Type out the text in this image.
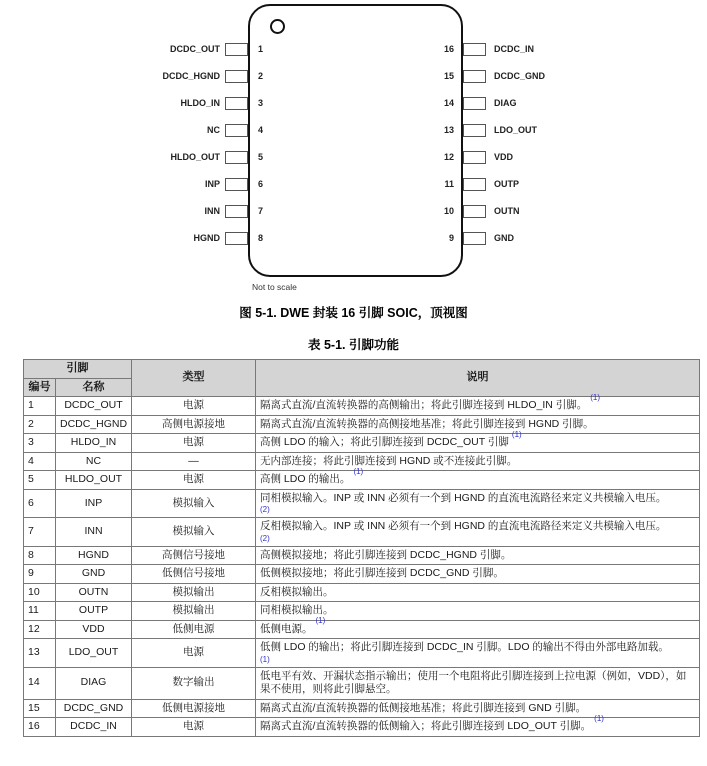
Not to scale
DCDC_OUT	1
DCDC_HGND	2
HLDO_IN	3
NC	4
HLDO_OUT	5
INP	6
INN	7
HGND	8
16	DCDC_IN
15	DCDC_GND
14	DIAG
13	LDO_OUT
12	VDD
11	OUTP
10	OUTN
9	GND
图 5-1. DWE 封装 16 引脚 SOIC，顶视图
表 5-1. 引脚功能
引脚		类型	说明
编号	名称		
1	DCDC_OUT	电源	隔离式直流/直流转换器的高侧输出；将此引脚连接到 HLDO_IN 引脚。$^{(1)}$
2	DCDC_HGND	高侧电源接地	隔离式直流/直流转换器的高侧接地基准；将此引脚连接到 HGND 引脚。
3	HLDO_IN	电源	高侧 LDO 的输入；将此引脚连接到 DCDC_OUT 引脚$^{(1)}$
4	NC	—	无内部连接；将此引脚连接到 HGND 或不连接此引脚。
5	HLDO_OUT	电源	高侧 LDO 的输出。$^{(1)}$
6	INP	模拟输入	同相模拟输入。INP 或 INN 必须有一个到 HGND 的直流电流路径来定义共模输入电压。
(2)

7	INN	模拟输入	反相模拟输入。INP 或 INN 必须有一个到 HGND 的直流电流路径来定义共模输入电压。
(2)

8	HGND	高侧信号接地	高侧模拟接地；将此引脚连接到 DCDC_HGND 引脚。
9	GND	低侧信号接地	低侧模拟接地；将此引脚连接到 DCDC_GND 引脚。
10	OUTN	模拟输出	反相模拟输出。
11	OUTP	模拟输出	同相模拟输出。
12	VDD	低侧电源	低侧电源。$^{(1)}$
13	LDO_OUT	电源	低侧 LDO 的输出；将此引脚连接到 DCDC_IN 引脚。LDO 的输出不得由外部电路加载。
(1)

14	DIAG	数字输出	低电平有效、开漏状态指示输出；使用一个电阻将此引脚连接到上拉电源（例如，VDD），如果不使用，则将此引脚悬空。
15	DCDC_GND	低侧电源接地	隔离式直流/直流转换器的低侧接地基准；将此引脚连接到 GND 引脚。
16	DCDC_IN	电源	隔离式直流/直流转换器的低侧输入；将此引脚连接到 LDO_OUT 引脚。$^{(1)}$
